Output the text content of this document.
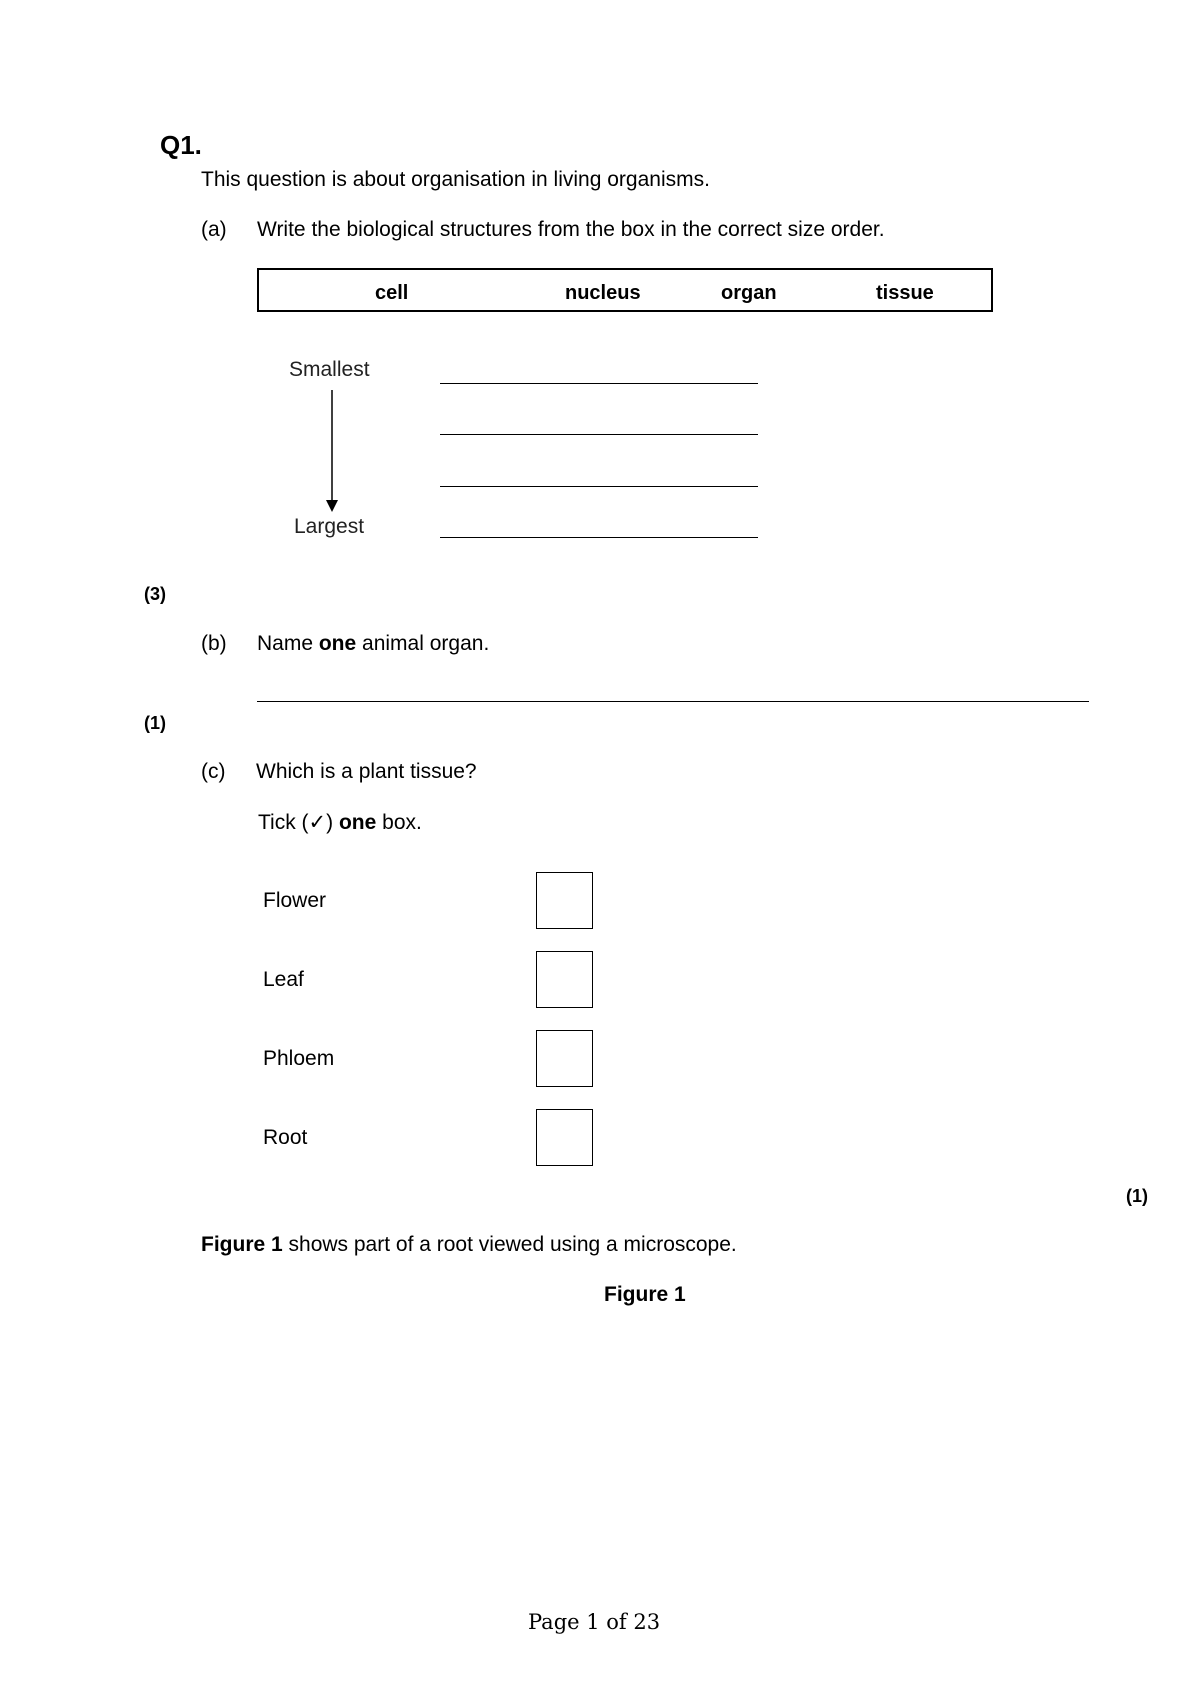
Q1.
This question is about organisation in living organisms.
(a) Write the biological structures from the box in the correct size order.
cell	nucleus	organ	tissue
Smallest
Largest
(3)
(b) Name one animal organ.
(1)
(c) Which is a plant tissue?
Tick (✓) one box.
Flower
Leaf
Phloem
Root
(1)
Figure 1 shows part of a root viewed using a microscope.
Figure 1
Page 1 of 23
